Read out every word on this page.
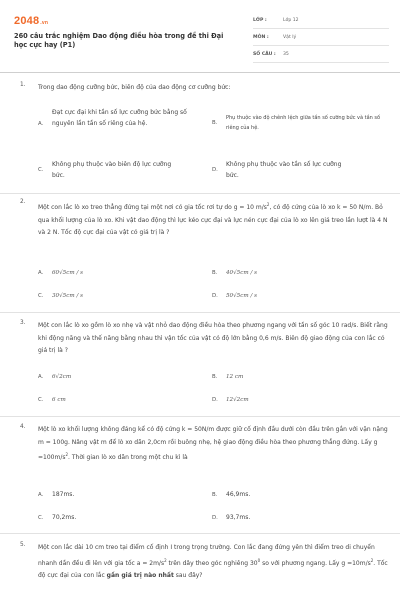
2048.vn
260 câu trắc nghiệm Dao động điều hòa trong đề thi Đại học cực hay (P1)
LỚP :	Lớp 12
MÔN :	Vật lý
SỐ CÂU : 35
1. Trong dao động cưỡng bức, biên độ của dao động cơ cưỡng bức:
A.
Đạt cực đại khi tần số lực cưỡng bức bằng số nguyên lần tần số riêng của hệ.	B.
Phụ thuộc vào độ chênh lệch giữa tần số cưỡng bức và tần số riêng của hệ.
C.
Không phụ thuộc vào biên độ lực cưỡng bức.
D.
Không phụ thuộc vào tần số lực cưỡng bức.
2.
Một con lắc lò xo treo thẳng đứng tại một nơi có gia tốc rơi tự do g = 10 $m/s^2$, có độ cứng của lò xo k = 50 N/m. Bỏ qua khối lượng của lò xo. Khi vật dao động thì lực kéo cực đại và lực nén cực đại của lò xo lên giá treo lần lượt là 4 N và 2 N. Tốc độ cực đại của vật có giá trị là ?
A. 60√5cm / s	B. 40√5cm / s
C. 30√5cm / s	D. 50√5cm / s
3. Một con lắc lò xo gồm lò xo nhẹ và vật nhỏ dao động điều hòa theo phương ngang với tần số góc 10 rad/s. Biết rằng khi động năng và thế năng bằng nhau thì vận tốc của vật có độ lớn bằng 0,6 m/s. Biên độ giao động của con lắc có giá trị là ?
A. 6√2cm	B. 12 cm
C. 6 cm	D. 12√2cm
4. Một lò xo khối lượng không đáng kể có độ cứng k = 50N/m được giữ cố định đầu dưới còn đầu trên gắn với vặn nặng m = 100g. Nâng vật m để lò xo dãn 2,0cm rồi buông nhẹ, hệ giao động điều hòa theo phương thẳng đứng. Lấy $g =100m/s^2$. Thời gian lò xo dãn trong một chu kì là
A. 187ms.	B. 46,9ms.
C. 70,2ms.	D. 93,7ms.
5. Một con lắc dài 10 cm treo tại điểm cố định I trong trọng trường. Con lắc đang đứng yên thì điểm treo di chuyển nhanh dần đều đi lên với gia tốc $a = 2m/s^2$ trên dây theo góc nghiêng $30^0$ so với phương ngang. Lấy $g =10m/s^2$. Tốc độ cực đại của con lắc gần giá trị nào nhất sau đây?
